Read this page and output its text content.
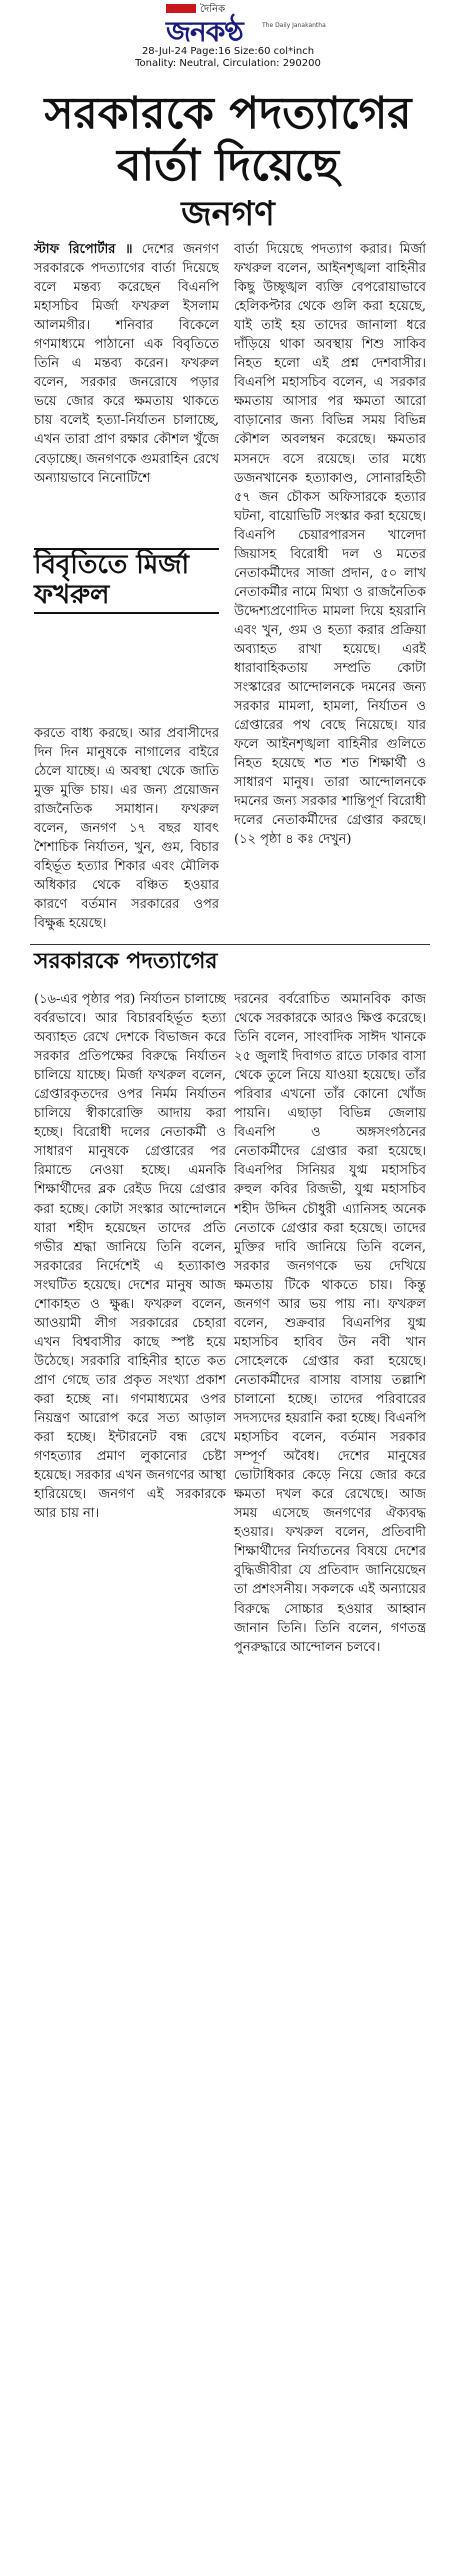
দৈনিক
জনকণ্ঠ	The Daily Janakantha
28-Jul-24 Page:16 Size:60 col*inch
Tonality: Neutral, Circulation: 290200
সরকারকে পদত্যাগের
বার্তা দিয়েছে
জনগণ

স্টাফ রিপোর্টার ॥ দেশের জনগণ সরকারকে পদত্যাগের বার্তা দিয়েছে বলে মন্তব্য করেছেন বিএনপি মহাসচিব মির্জা ফখরুল ইসলাম আলমগীর। শনিবার বিকেলে গণমাধ্যমে পাঠানো এক বিবৃতিতে তিনি এ মন্তব্য করেন। ফখরুল বলেন, সরকার জনরোষে পড়ার ভয়ে জোর করে ক্ষমতায় থাকতে চায় বলেই হত্যা-নির্যাতন চালাচ্ছে, এখন তারা প্রাণ রক্ষার কৌশল খুঁজে বেড়াচ্ছে। জনগণকে গুমরাহিন রেখে অন্যায়ভাবে নিনোটিশে

বিবৃতিতে মির্জা ফখরুল

বার্তা দিয়েছে পদত্যাগ করার। মির্জা ফখরুল বলেন, আইনশৃঙ্খলা বাহিনীর কিছু উচ্ছৃঙ্খল ব্যক্তি বেপরোয়াভাবে হেলিকপ্টার থেকে গুলি করা হয়েছে, যাই তাই হয় তাদের জানালা ধরে দাঁড়িয়ে থাকা অবস্থায় শিশু সাকিব নিহত হলো এই প্রশ্ন দেশবাসীর। বিএনপি মহাসচিব বলেন, এ সরকার ক্ষমতায় আসার পর ক্ষমতা আরো বাড়ানোর জন্য বিভিন্ন সময় বিভিন্ন কৌশল অবলম্বন করেছে। ক্ষমতার মসনদে বসে রয়েছে। তার মধ্যে ডজনখানেক হত্যাকাণ্ড, সোনারহিতী ৫৭ জন চৌকস অফিসারকে হত্যার ঘটনা, বায়োভিটি সংস্কার করা হয়েছে। বিএনপি চেয়ারপারসন খালেদা জিয়াসহ বিরোধী দল ও মতের নেতাকর্মীদের সাজা প্রদান, ৫০ লাখ নেতাকর্মীর নামে মিথ্যা ও রাজনৈতিক উদ্দেশ্যপ্রণোদিত মামলা দিয়ে হয়রানি এবং খুন, গুম ও হত্যা করার প্রক্রিয়া অব্যাহত রাখা হয়েছে। এরই ধারাবাহিকতায় সম্প্রতি কোটা সংস্কারের আন্দোলনকে দমনের জন্য সরকার মামলা, হামলা, নির্যাতন ও গ্রেপ্তারের পথ বেছে নিয়েছে। যার ফলে আইনশৃঙ্খলা বাহিনীর গুলিতে নিহত হয়েছে শত শত শিক্ষার্থী ও সাধারণ মানুষ। তারা আন্দোলনকে দমনের জন্য সরকার শান্তিপূর্ণ বিরোধী দলের নেতাকর্মীদের গ্রেপ্তার করছে। (১২ পৃষ্ঠা ৪ কঃ দেখুন)

করতে বাধ্য করছে। আর প্রবাসীদের দিন দিন মানুষকে নাগালের বাইরে ঠেলে যাচ্ছে। এ অবস্থা থেকে জাতি মুক্ত মুক্তি চায়। এর জন্য প্রয়োজন রাজনৈতিক সমাধান। ফখরুল বলেন, জনগণ ১৭ বছর যাবৎ শৈশাচিক নির্যাতন, খুন, গুম, বিচার বহির্ভূত হত্যার শিকার এবং মৌলিক অধিকার থেকে বঞ্চিত হওয়ার কারণে বর্তমান সরকারের ওপর বিক্ষুব্ধ হয়েছে।

সরকারকে পদত্যাগের

(১৬-এর পৃষ্ঠার পর) নির্যাতন চালাচ্ছে বর্বরভাবে। আর বিচারবহির্ভূত হত্যা অব্যাহত রেখে দেশকে বিভাজন করে সরকার প্রতিপক্ষের বিরুদ্ধে নির্যাতন চালিয়ে যাচ্ছে। মির্জা ফখরুল বলেন, গ্রেপ্তারকৃতদের ওপর নির্মম নির্যাতন চালিয়ে স্বীকারোক্তি আদায় করা হচ্ছে। বিরোধী দলের নেতাকর্মী ও সাধারণ মানুষকে গ্রেপ্তারের পর রিমান্ডে নেওয়া হচ্ছে। এমনকি শিক্ষার্থীদের ব্লক রেইড দিয়ে গ্রেপ্তার করা হচ্ছে। কোটা সংস্কার আন্দোলনে যারা শহীদ হয়েছেন তাদের প্রতি গভীর শ্রদ্ধা জানিয়ে তিনি বলেন, সরকারের নির্দেশেই এ হত্যাকাণ্ড সংঘটিত হয়েছে। দেশের মানুষ আজ শোকাহত ও ক্ষুব্ধ। ফখরুল বলেন, আওয়ামী লীগ সরকারের চেহারা এখন বিশ্ববাসীর কাছে স্পষ্ট হয়ে উঠেছে। সরকারি বাহিনীর হাতে কত প্রাণ গেছে তার প্রকৃত সংখ্যা প্রকাশ করা হচ্ছে না। গণমাধ্যমের ওপর নিয়ন্ত্রণ আরোপ করে সত্য আড়াল করা হচ্ছে। ইন্টারনেট বন্ধ রেখে গণহত্যার প্রমাণ লুকানোর চেষ্টা হয়েছে। সরকার এখন জনগণের আস্থা হারিয়েছে। জনগণ এই সরকারকে আর চায় না।

দরনের বর্বরোচিত অমানবিক কাজ থেকে সরকারকে আরও ক্ষিপ্ত করেছে। তিনি বলেন, সাংবাদিক সাঈদ খানকে ২৫ জুলাই দিবাগত রাতে ঢাকার বাসা থেকে তুলে নিয়ে যাওয়া হয়েছে। তাঁর পরিবার এখনো তাঁর কোনো খোঁজ পায়নি। এছাড়া বিভিন্ন জেলায় বিএনপি ও অঙ্গসংগঠনের নেতাকর্মীদের গ্রেপ্তার করা হয়েছে। বিএনপির সিনিয়র যুগ্ম মহাসচিব রুহুল কবির রিজভী, যুগ্ম মহাসচিব শহীদ উদ্দিন চৌধুরী এ্যানিসহ অনেক নেতাকে গ্রেপ্তার করা হয়েছে। তাদের মুক্তির দাবি জানিয়ে তিনি বলেন, সরকার জনগণকে ভয় দেখিয়ে ক্ষমতায় টিকে থাকতে চায়। কিন্তু জনগণ আর ভয় পায় না। ফখরুল বলেন, শুক্রবার বিএনপির যুগ্ম মহাসচিব হাবিব উন নবী খান সোহেলকে গ্রেপ্তার করা হয়েছে। নেতাকর্মীদের বাসায় বাসায় তল্লাশি চালানো হচ্ছে। তাদের পরিবারের সদস্যদের হয়রানি করা হচ্ছে। বিএনপি মহাসচিব বলেন, বর্তমান সরকার সম্পূর্ণ অবৈধ। দেশের মানুষের ভোটাধিকার কেড়ে নিয়ে জোর করে ক্ষমতা দখল করে রেখেছে। আজ সময় এসেছে জনগণের ঐক্যবদ্ধ হওয়ার। ফখরুল বলেন, প্রতিবাদী শিক্ষার্থীদের নির্যাতনের বিষয়ে দেশের বুদ্ধিজীবীরা যে প্রতিবাদ জানিয়েছেন তা প্রশংসনীয়। সকলকে এই অন্যায়ের বিরুদ্ধে সোচ্চার হওয়ার আহ্বান জানান তিনি। তিনি বলেন, গণতন্ত্র পুনরুদ্ধারে আন্দোলন চলবে।
